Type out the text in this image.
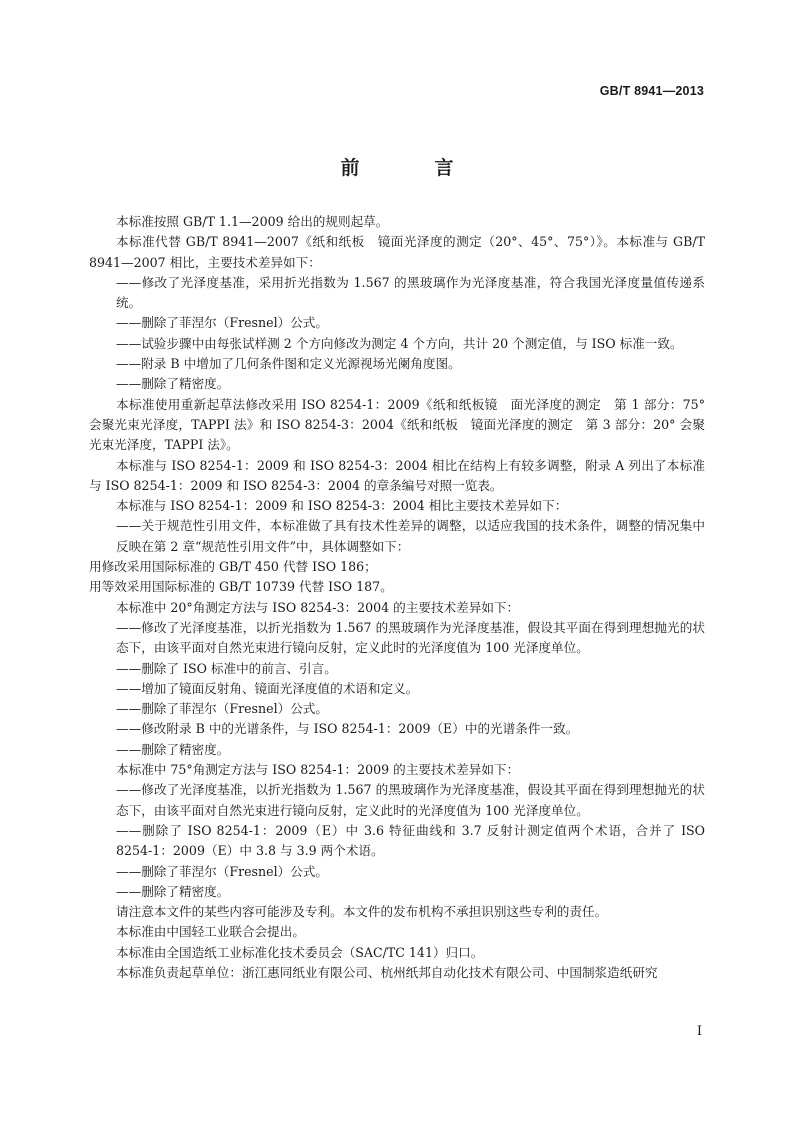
GB/T 8941—2013
前　言

本标准按照 GB/T 1.1—2009 给出的规则起草。

本标准代替 GB/T 8941—2007《纸和纸板　镜面光泽度的测定（20°、45°、75°）》。本标准与 GB/T 8941—2007 相比，主要技术差异如下：

——修改了光泽度基准，采用折光指数为 1.567 的黑玻璃作为光泽度基准，符合我国光泽度量值传递系统。

——删除了菲涅尔（Fresnel）公式。

——试验步骤中由每张试样测 2 个方向修改为测定 4 个方向，共计 20 个测定值，与 ISO 标准一致。

——附录 B 中增加了几何条件图和定义光源视场光阑角度图。

——删除了精密度。

本标准使用重新起草法修改采用 ISO 8254-1：2009《纸和纸板镜　面光泽度的测定　第 1 部分：75° 会聚光束光泽度，TAPPI 法》和 ISO 8254-3：2004《纸和纸板　镜面光泽度的测定　第 3 部分：20° 会聚光束光泽度，TAPPI 法》。

本标准与 ISO 8254-1：2009 和 ISO 8254-3：2004 相比在结构上有较多调整，附录 A 列出了本标准与 ISO 8254-1：2009 和 ISO 8254-3：2004 的章条编号对照一览表。

本标准与 ISO 8254-1：2009 和 ISO 8254-3：2004 相比主要技术差异如下：

——关于规范性引用文件，本标准做了具有技术性差异的调整，以适应我国的技术条件，调整的情况集中反映在第 2 章“规范性引用文件”中，具体调整如下：

用修改采用国际标准的 GB/T 450 代替 ISO 186；

用等效采用国际标准的 GB/T 10739 代替 ISO 187。

本标准中 20°角测定方法与 ISO 8254-3：2004 的主要技术差异如下：

——修改了光泽度基准，以折光指数为 1.567 的黑玻璃作为光泽度基准，假设其平面在得到理想抛光的状态下，由该平面对自然光束进行镜向反射，定义此时的光泽度值为 100 光泽度单位。

——删除了 ISO 标准中的前言、引言。

——增加了镜面反射角、镜面光泽度值的术语和定义。

——删除了菲涅尔（Fresnel）公式。

——修改附录 B 中的光谱条件，与 ISO 8254-1：2009（E）中的光谱条件一致。

——删除了精密度。

本标准中 75°角测定方法与 ISO 8254-1：2009 的主要技术差异如下：

——修改了光泽度基准，以折光指数为 1.567 的黑玻璃作为光泽度基准，假设其平面在得到理想抛光的状态下，由该平面对自然光束进行镜向反射，定义此时的光泽度值为 100 光泽度单位。

——删除了 ISO 8254-1：2009（E）中 3.6 特征曲线和 3.7 反射计测定值两个术语，合并了 ISO 8254-1：2009（E）中 3.8 与 3.9 两个术语。

——删除了菲涅尔（Fresnel）公式。

——删除了精密度。

请注意本文件的某些内容可能涉及专利。本文件的发布机构不承担识别这些专利的责任。

本标准由中国轻工业联合会提出。

本标准由全国造纸工业标准化技术委员会（SAC/TC 141）归口。

本标准负责起草单位：浙江惠同纸业有限公司、杭州纸邦自动化技术有限公司、中国制浆造纸研究

I
